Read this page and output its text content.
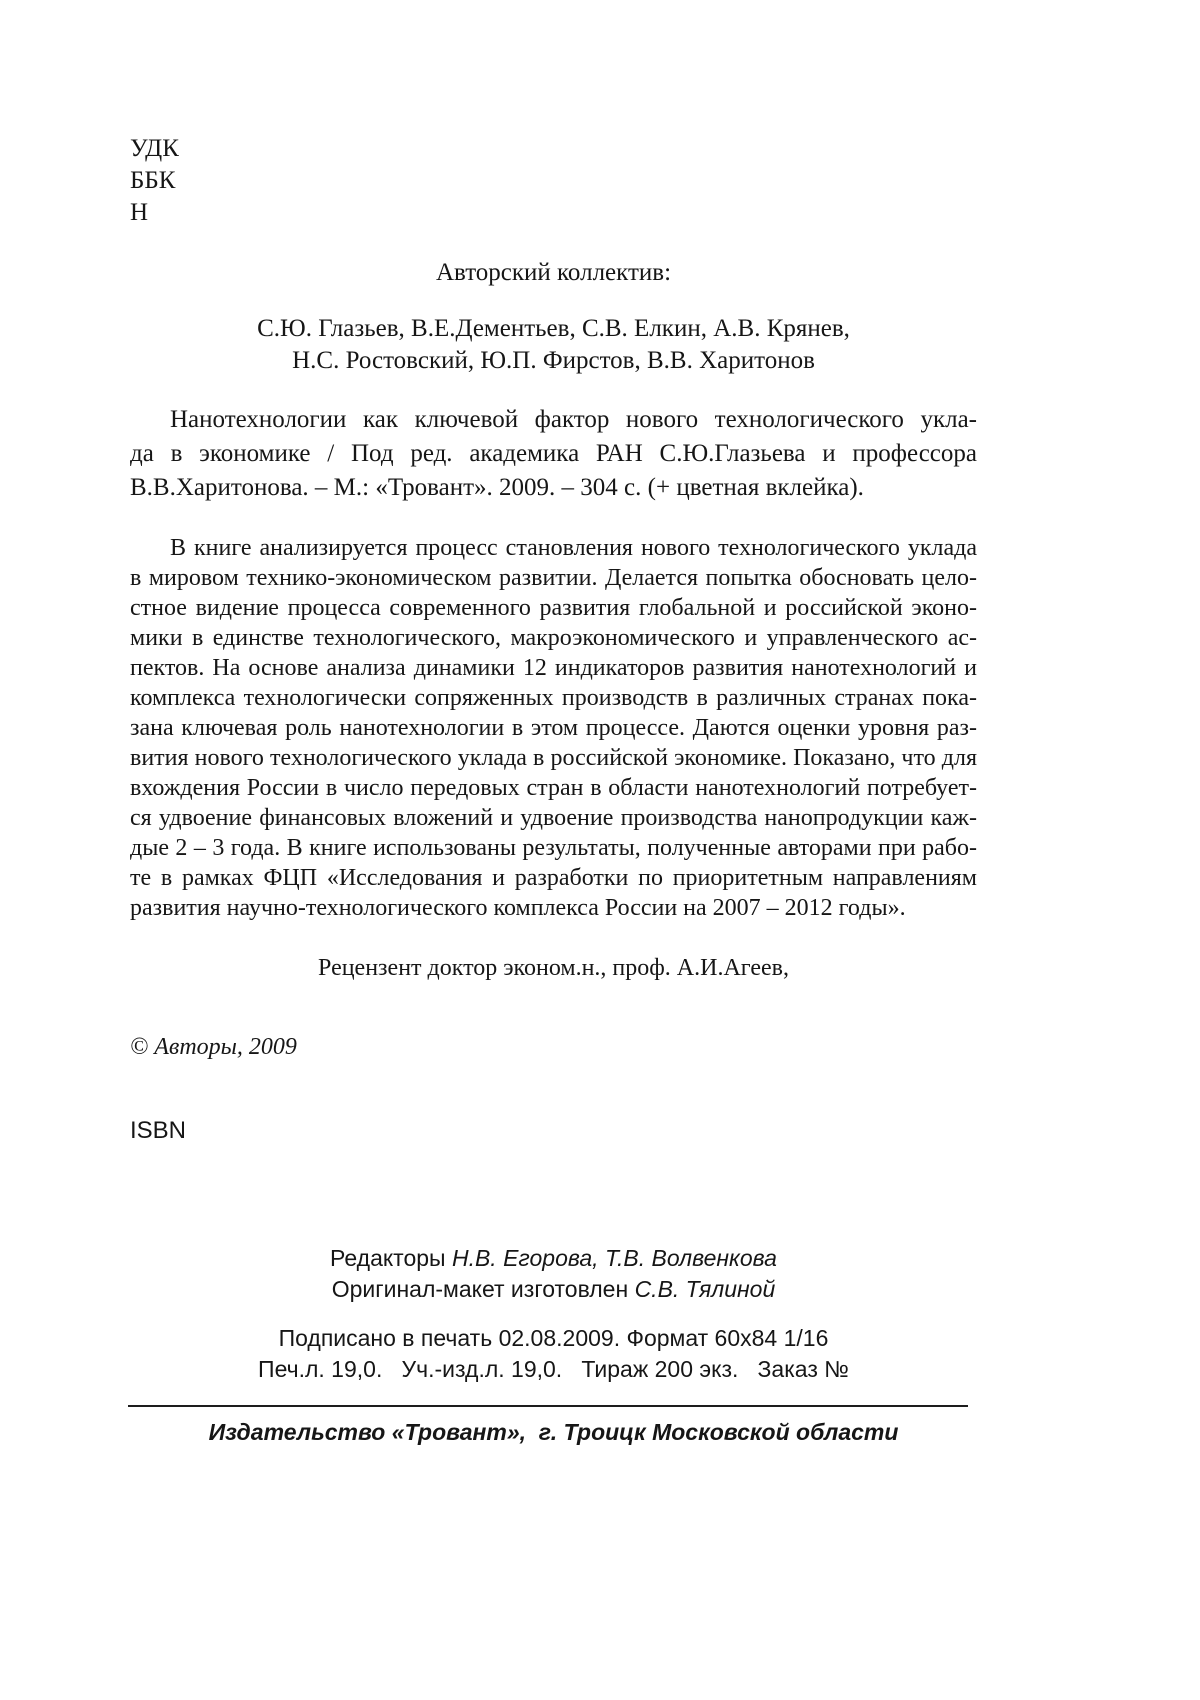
УДК
ББК
Н
Авторский коллектив:
С.Ю. Глазьев, В.Е.Дементьев, С.В. Елкин, А.В. Крянев,
Н.С. Ростовский, Ю.П. Фирстов, В.В. Харитонов
Нанотехнологии как ключевой фактор нового технологического укла-
да в экономике / Под ред. академика РАН С.Ю.Глазьева и профессора
В.В.Харитонова. – М.: «Тровант». 2009. – 304 с. (+ цветная вклейка).
В книге анализируется процесс становления нового технологического уклада
в мировом технико-экономическом развитии. Делается попытка обосновать цело-
стное видение процесса современного развития глобальной и российской эконо-
мики в единстве технологического, макроэкономического и управленческого ас-
пектов. На основе анализа динамики 12 индикаторов развития нанотехнологий и
комплекса технологически сопряженных производств в различных странах пока-
зана ключевая роль нанотехнологии в этом процессе. Даются оценки уровня раз-
вития нового технологического уклада в российской экономике. Показано, что для
вхождения России в число передовых стран в области нанотехнологий потребует-
ся удвоение финансовых вложений и удвоение производства нанопродукции каж-
дые 2 – 3 года. В книге использованы результаты, полученные авторами при рабо-
те в рамках ФЦП «Исследования и разработки по приоритетным направлениям
развития научно-технологического комплекса России на 2007 – 2012 годы».
Рецензент доктор эконом.н., проф. А.И.Агеев,
© Авторы, 2009
ISBN
Редакторы Н.В. Егорова, Т.В. Волвенкова
Оригинал-макет изготовлен С.В. Тялиной
Подписано в печать 02.08.2009. Формат 60х84 1/16
Печ.л. 19,0.   Уч.-изд.л. 19,0.   Тираж 200 экз.   Заказ №
Издательство «Тровант»,  г. Троицк Московской области
